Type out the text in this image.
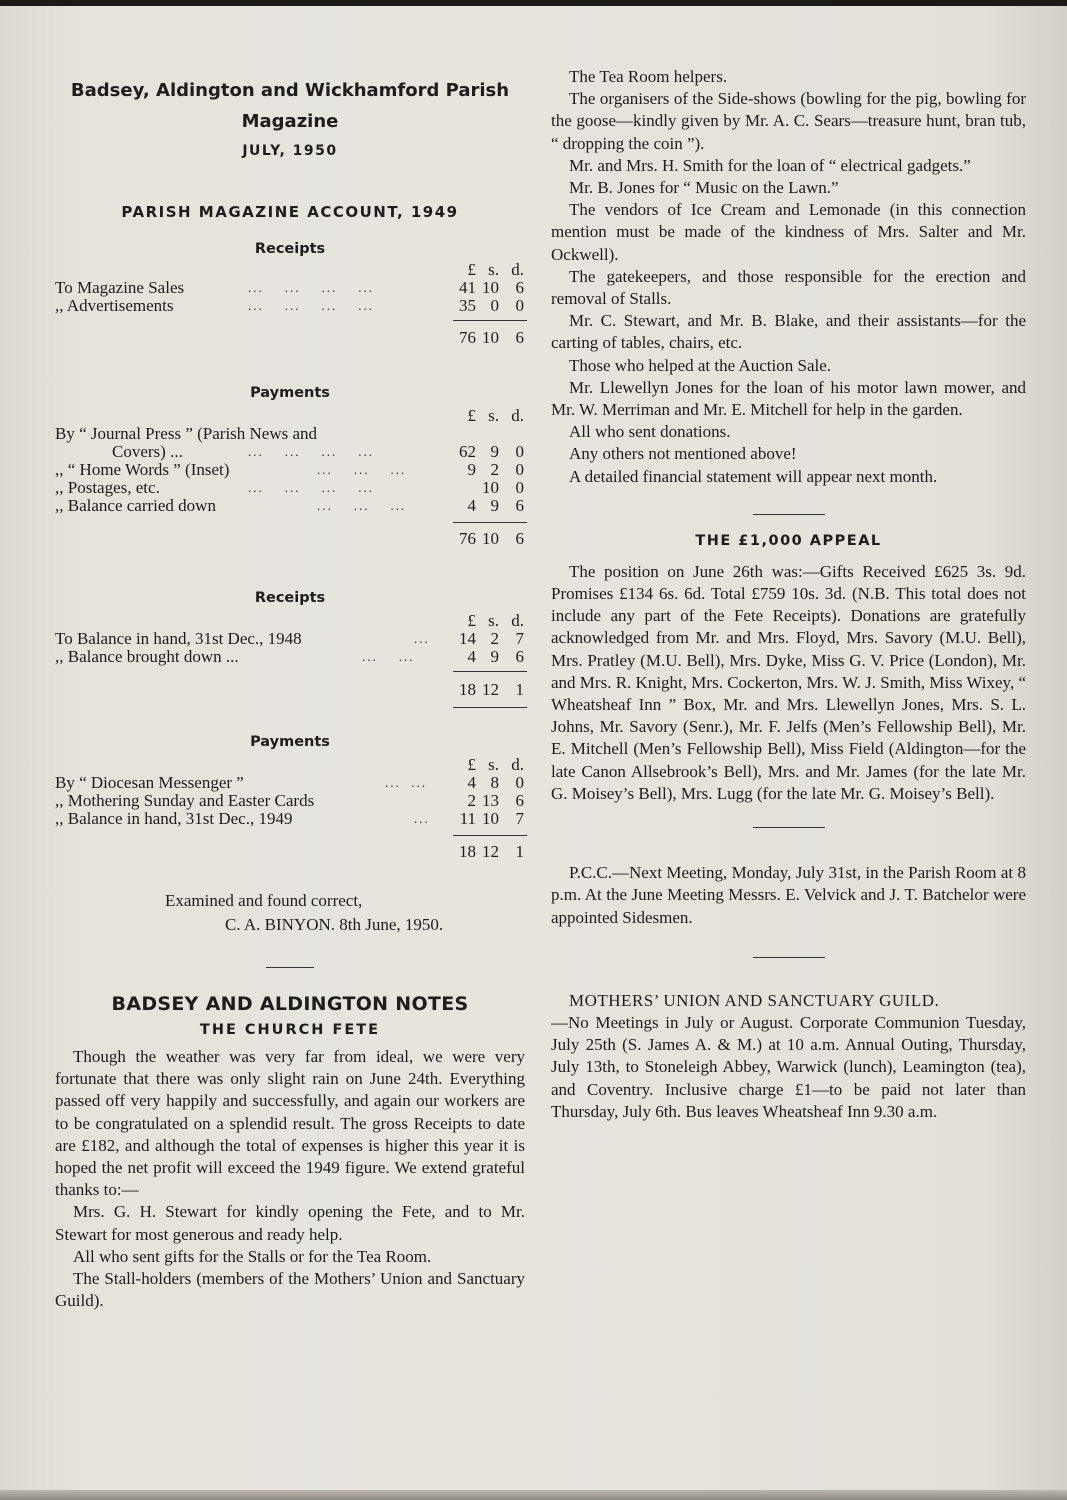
Badsey, Aldington and Wickhamford Parish
Magazine
JULY, 1950
PARISH MAGAZINE ACCOUNT, 1949
Receipts
£ s. d.
To Magazine Sales	...    ...    ...    ...	41 10 6
,, Advertisements	...    ...    ...    ...	35 0 0
76 10 6
Payments
£ s. d.
By “ Journal Press ” (Parish News and
Covers) ...	...    ...    ...    ...	62 9 0
,, “ Home Words ” (Inset)	...    ...    ...	9 2 0
,, Postages, etc.	...    ...    ...    ...	10 0
,, Balance carried down	...    ...    ...	4 9 6
76 10 6
Receipts
£ s. d.
To Balance in hand, 31st Dec., 1948	...	14 2 7
,, Balance brought down ...	...    ...	4 9 6
18 12 1
Payments
£ s. d.
By “ Diocesan Messenger ”	...  ...	4 8 0
,, Mothering Sunday and Easter Cards	2 13 6
,, Balance in hand, 31st Dec., 1949	...	11 10 7
18 12 1
Examined and found correct,
C. A. BINYON. 8th June, 1950.
BADSEY AND ALDINGTON NOTES
THE CHURCH FETE

Though the weather was very far from ideal, we were very fortunate that there was only slight rain on June 24th. Everything passed off very happily and successfully, and again our workers are to be congratulated on a splendid result. The gross Receipts to date are £182, and although the total of expenses is higher this year it is hoped the net profit will exceed the 1949 figure. We extend grateful thanks to:—

Mrs. G. H. Stewart for kindly opening the Fete, and to Mr. Stewart for most generous and ready help.

All who sent gifts for the Stalls or for the Tea Room.

The Stall-holders (members of the Mothers’ Union and Sanctuary Guild).

The Tea Room helpers.

The organisers of the Side-shows (bowling for the pig, bowling for the goose—kindly given by Mr. A. C. Sears—treasure hunt, bran tub, “ dropping the coin ”).

Mr. and Mrs. H. Smith for the loan of “ electrical gadgets.”

Mr. B. Jones for “ Music on the Lawn.”

The vendors of Ice Cream and Lemonade (in this connection mention must be made of the kindness of Mrs. Salter and Mr. Ockwell).

The gatekeepers, and those responsible for the erection and removal of Stalls.

Mr. C. Stewart, and Mr. B. Blake, and their assistants—for the carting of tables, chairs, etc.

Those who helped at the Auction Sale.

Mr. Llewellyn Jones for the loan of his motor lawn mower, and Mr. W. Merriman and Mr. E. Mitchell for help in the garden.

All who sent donations.

Any others not mentioned above!

A detailed financial statement will appear next month.

THE £1,000 APPEAL

The position on June 26th was:—Gifts Received £625 3s. 9d. Promises £134 6s. 6d. Total £759 10s. 3d. (N.B. This total does not include any part of the Fete Receipts). Donations are gratefully acknowledged from Mr. and Mrs. Floyd, Mrs. Savory (M.U. Bell), Mrs. Pratley (M.U. Bell), Mrs. Dyke, Miss G. V. Price (London), Mr. and Mrs. R. Knight, Mrs. Cockerton, Mrs. W. J. Smith, Miss Wixey, “ Wheatsheaf Inn ” Box, Mr. and Mrs. Llewellyn Jones, Mrs. S. L. Johns, Mr. Savory (Senr.), Mr. F. Jelfs (Men’s Fellowship Bell), Mr. E. Mitchell (Men’s Fellowship Bell), Miss Field (Aldington—for the late Canon Allsebrook’s Bell), Mrs. and Mr. James (for the late Mr. G. Moisey’s Bell), Mrs. Lugg (for the late Mr. G. Moisey’s Bell).

P.C.C.—Next Meeting, Monday, July 31st, in the Parish Room at 8 p.m. At the June Meeting Messrs. E. Velvick and J. T. Batchelor were appointed Sidesmen.

MOTHERS’ UNION AND SANCTUARY GUILD.

—No Meetings in July or August. Corporate Communion Tuesday, July 25th (S. James A. & M.) at 10 a.m. Annual Outing, Thursday, July 13th, to Stoneleigh Abbey, Warwick (lunch), Leamington (tea), and Coventry. Inclusive charge £1—to be paid not later than Thursday, July 6th. Bus leaves Wheatsheaf Inn 9.30 a.m.
